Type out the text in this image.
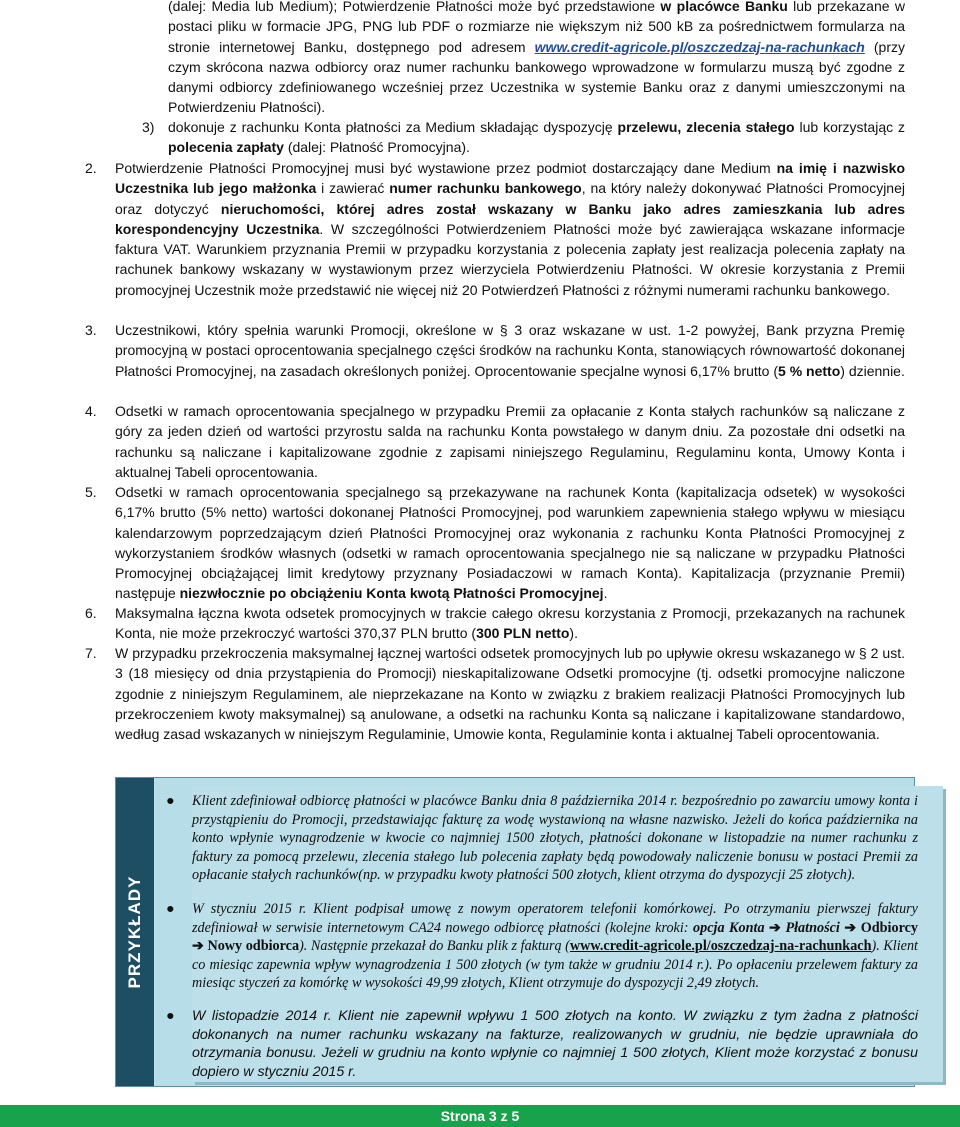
(dalej: Media lub Medium); Potwierdzenie Płatności może być przedstawione w placówce Banku lub przekazane w postaci pliku w formacie JPG, PNG lub PDF o rozmiarze nie większym niż 500 kB za pośrednictwem formularza na stronie internetowej Banku, dostępnego pod adresem www.credit-agricole.pl/oszczedzaj-na-rachunkach (przy czym skrócona nazwa odbiorcy oraz numer rachunku bankowego wprowadzone w formularzu muszą być zgodne z danymi odbiorcy zdefiniowanego wcześniej przez Uczestnika w systemie Banku oraz z danymi umieszczonymi na Potwierdzeniu Płatności).
3) dokonuje z rachunku Konta płatności za Medium składając dyspozycję przelewu, zlecenia stałego lub korzystając z polecenia zapłaty (dalej: Płatność Promocyjna).
2. Potwierdzenie Płatności Promocyjnej musi być wystawione przez podmiot dostarczający dane Medium na imię i nazwisko Uczestnika lub jego małżonka i zawierać numer rachunku bankowego, na który należy dokonywać Płatności Promocyjnej oraz dotyczyć nieruchomości, której adres został wskazany w Banku jako adres zamieszkania lub adres korespondencyjny Uczestnika. W szczególności Potwierdzeniem Płatności może być zawierająca wskazane informacje faktura VAT. Warunkiem przyznania Premii w przypadku korzystania z polecenia zapłaty jest realizacja polecenia zapłaty na rachunek bankowy wskazany w wystawionym przez wierzyciela Potwierdzeniu Płatności. W okresie korzystania z Premii promocyjnej Uczestnik może przedstawić nie więcej niż 20 Potwierdzeń Płatności z różnymi numerami rachunku bankowego.
3. Uczestnikowi, który spełnia warunki Promocji, określone w § 3 oraz wskazane w ust. 1-2 powyżej, Bank przyzna Premię promocyjną w postaci oprocentowania specjalnego części środków na rachunku Konta, stanowiących równowartość dokonanej Płatności Promocyjnej, na zasadach określonych poniżej. Oprocentowanie specjalne wynosi 6,17% brutto (5 % netto) dziennie.
4. Odsetki w ramach oprocentowania specjalnego w przypadku Premii za opłacanie z Konta stałych rachunków są naliczane z góry za jeden dzień od wartości przyrostu salda na rachunku Konta powstałego w danym dniu. Za pozostałe dni odsetki na rachunku są naliczane i kapitalizowane zgodnie z zapisami niniejszego Regulaminu, Regulaminu konta, Umowy Konta i aktualnej Tabeli oprocentowania.
5. Odsetki w ramach oprocentowania specjalnego są przekazywane na rachunek Konta (kapitalizacja odsetek) w wysokości 6,17% brutto (5% netto) wartości dokonanej Płatności Promocyjnej, pod warunkiem zapewnienia stałego wpływu w miesiącu kalendarzowym poprzedzającym dzień Płatności Promocyjnej oraz wykonania z rachunku Konta Płatności Promocyjnej z wykorzystaniem środków własnych (odsetki w ramach oprocentowania specjalnego nie są naliczane w przypadku Płatności Promocyjnej obciążającej limit kredytowy przyznany Posiadaczowi w ramach Konta). Kapitalizacja (przyznanie Premii) następuje niezwłocznie po obciążeniu Konta kwotą Płatności Promocyjnej.
6. Maksymalna łączna kwota odsetek promocyjnych w trakcie całego okresu korzystania z Promocji, przekazanych na rachunek Konta, nie może przekroczyć wartości 370,37 PLN brutto (300 PLN netto).
7. W przypadku przekroczenia maksymalnej łącznej wartości odsetek promocyjnych lub po upływie okresu wskazanego w § 2 ust. 3 (18 miesięcy od dnia przystąpienia do Promocji) nieskapitalizowane Odsetki promocyjne (tj. odsetki promocyjne naliczone zgodnie z niniejszym Regulaminem, ale nieprzekazane na Konto w związku z brakiem realizacji Płatności Promocyjnych lub przekroczeniem kwoty maksymalnej) są anulowane, a odsetki na rachunku Konta są naliczane i kapitalizowane standardowo, według zasad wskazanych w niniejszym Regulaminie, Umowie konta, Regulaminie konta i aktualnej Tabeli oprocentowania.
PRZYKŁADY
● Klient zdefiniował odbiorcę płatności w placówce Banku dnia 8 października 2014 r. bezpośrednio po zawarciu umowy konta i przystąpieniu do Promocji, przedstawiając fakturę za wodę wystawioną na własne nazwisko. Jeżeli do końca października na konto wpłynie wynagrodzenie w kwocie co najmniej 1500 złotych, płatności dokonane w listopadzie na numer rachunku z faktury za pomocą przelewu, zlecenia stałego lub polecenia zapłaty będą powodowały naliczenie bonusu w postaci Premii za opłacanie stałych rachunków(np. w przypadku kwoty płatności 500 złotych, klient otrzyma do dyspozycji 25 złotych).
● W styczniu 2015 r. Klient podpisał umowę z nowym operatorem telefonii komórkowej. Po otrzymaniu pierwszej faktury zdefiniował w serwisie internetowym CA24 nowego odbiorcę płatności (kolejne kroki: opcja Konta ➔ Płatności ➔ Odbiorcy ➔ Nowy odbiorca). Następnie przekazał do Banku plik z fakturą (www.credit-agricole.pl/oszczedzaj-na-rachunkach). Klient co miesiąc zapewnia wpływ wynagrodzenia 1 500 złotych (w tym także w grudniu 2014 r.). Po opłaceniu przelewem faktury za miesiąc styczeń za komórkę w wysokości 49,99 złotych, Klient otrzymuje do dyspozycji 2,49 złotych.
● W listopadzie 2014 r. Klient nie zapewnił wpływu 1 500 złotych na konto. W związku z tym żadna z płatności dokonanych na numer rachunku wskazany na fakturze, realizowanych w grudniu, nie będzie uprawniała do otrzymania bonusu. Jeżeli w grudniu na konto wpłynie co najmniej 1 500 złotych, Klient może korzystać z bonusu dopiero w styczniu 2015 r.
Strona 3 z 5
